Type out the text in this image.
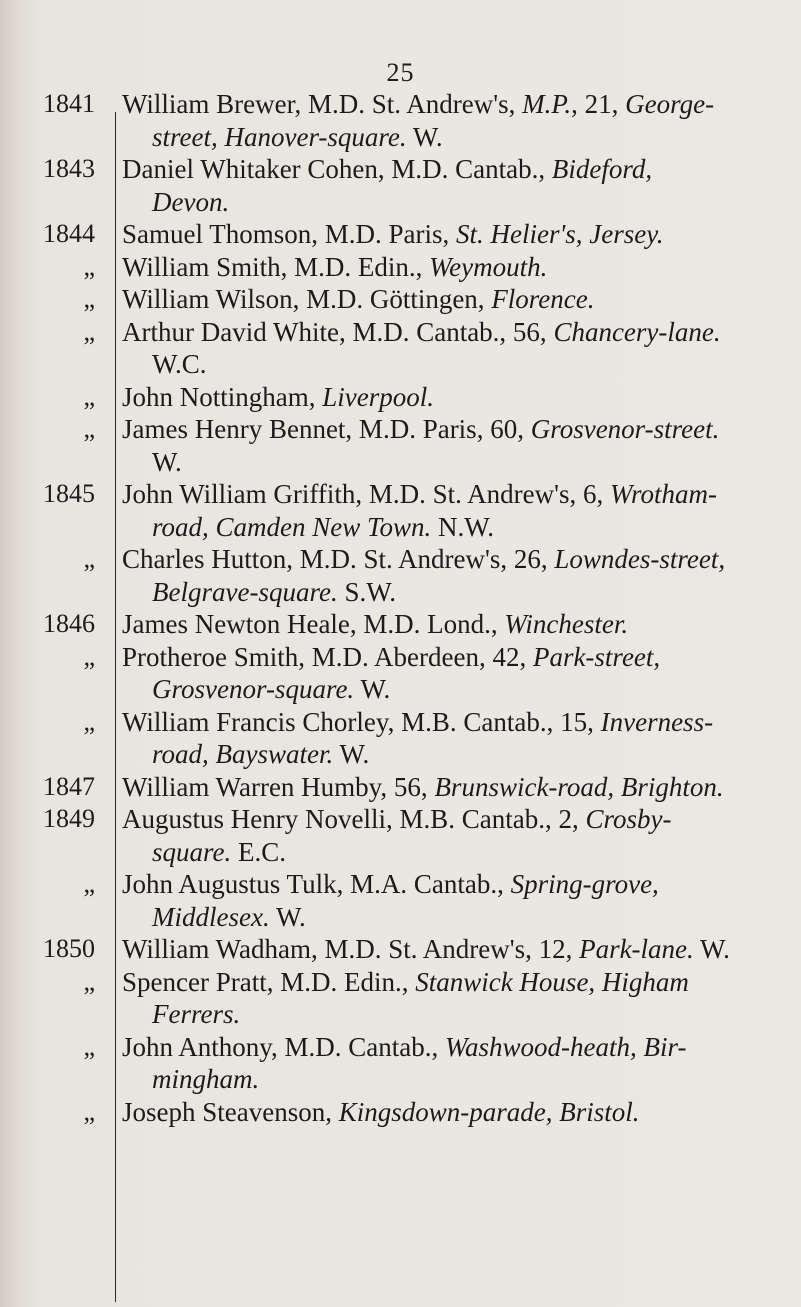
25
1841 William Brewer, M.D. St. Andrew's, M.P., 21, George-
street, Hanover-square. W.
1843 Daniel Whitaker Cohen, M.D. Cantab., Bideford,
Devon.
1844 Samuel Thomson, M.D. Paris, St. Helier's, Jersey.
„ William Smith, M.D. Edin., Weymouth.
„ William Wilson, M.D. Göttingen, Florence.
„ Arthur David White, M.D. Cantab., 56, Chancery-lane.
W.C.
„ John Nottingham, Liverpool.
„ James Henry Bennet, M.D. Paris, 60, Grosvenor-street.
W.
1845 John William Griffith, M.D. St. Andrew's, 6, Wrotham-
road, Camden New Town. N.W.
„ Charles Hutton, M.D. St. Andrew's, 26, Lowndes-street,
Belgrave-square. S.W.
1846 James Newton Heale, M.D. Lond., Winchester.
„ Protheroe Smith, M.D. Aberdeen, 42, Park-street,
Grosvenor-square. W.
„ William Francis Chorley, M.B. Cantab., 15, Inverness-
road, Bayswater. W.
1847 William Warren Humby, 56, Brunswick-road, Brighton.
1849 Augustus Henry Novelli, M.B. Cantab., 2, Crosby-
square. E.C.
„ John Augustus Tulk, M.A. Cantab., Spring-grove,
Middlesex. W.
1850 William Wadham, M.D. St. Andrew's, 12, Park-lane. W.
„ Spencer Pratt, M.D. Edin., Stanwick House, Higham
Ferrers.
„ John Anthony, M.D. Cantab., Washwood-heath, Bir-
mingham.
„ Joseph Steavenson, Kingsdown-parade, Bristol.
